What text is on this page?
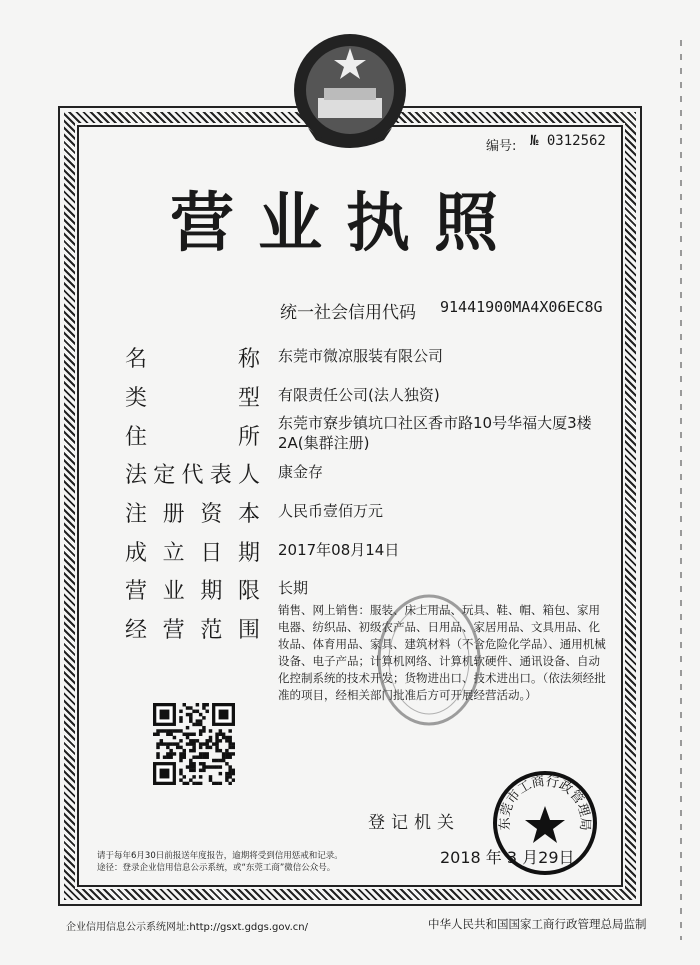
编号: № 0312562
营业执照
统一社会信用代码 91441900MA4X06EC8G
名　称 东莞市微凉服装有限公司
类　型 有限责任公司(法人独资)
住　所
东莞市寮步镇坑口社区香市路10号华福大厦3楼2A(集群注册)
法定代表人 康金存
注册资本 人民币壹佰万元
成立日期 2017年08月14日
营业期限 长期
经营范围
销售、网上销售：服装、床上用品、玩具、鞋、帽、箱包、家用电器、纺织品、初级农产品、日用品、家居用品、文具用品、化妆品、体育用品、家具、建筑材料（不含危险化学品）、通用机械设备、电子产品；计算机网络、计算机软硬件、通讯设备、自动化控制系统的技术开发；货物进出口、技术进出口。（依法须经批准的项目，经相关部门批准后方可开展经营活动。）
登记机关
2018 年 3 月29日
东莞市工商行政管理局
请于每年6月30日前报送年度报告，逾期将受到信用惩戒和记录。
途径：登录企业信用信息公示系统，或“东莞工商”微信公众号。
企业信用信息公示系统网址:http://gsxt.gdgs.gov.cn/	中华人民共和国国家工商行政管理总局监制
